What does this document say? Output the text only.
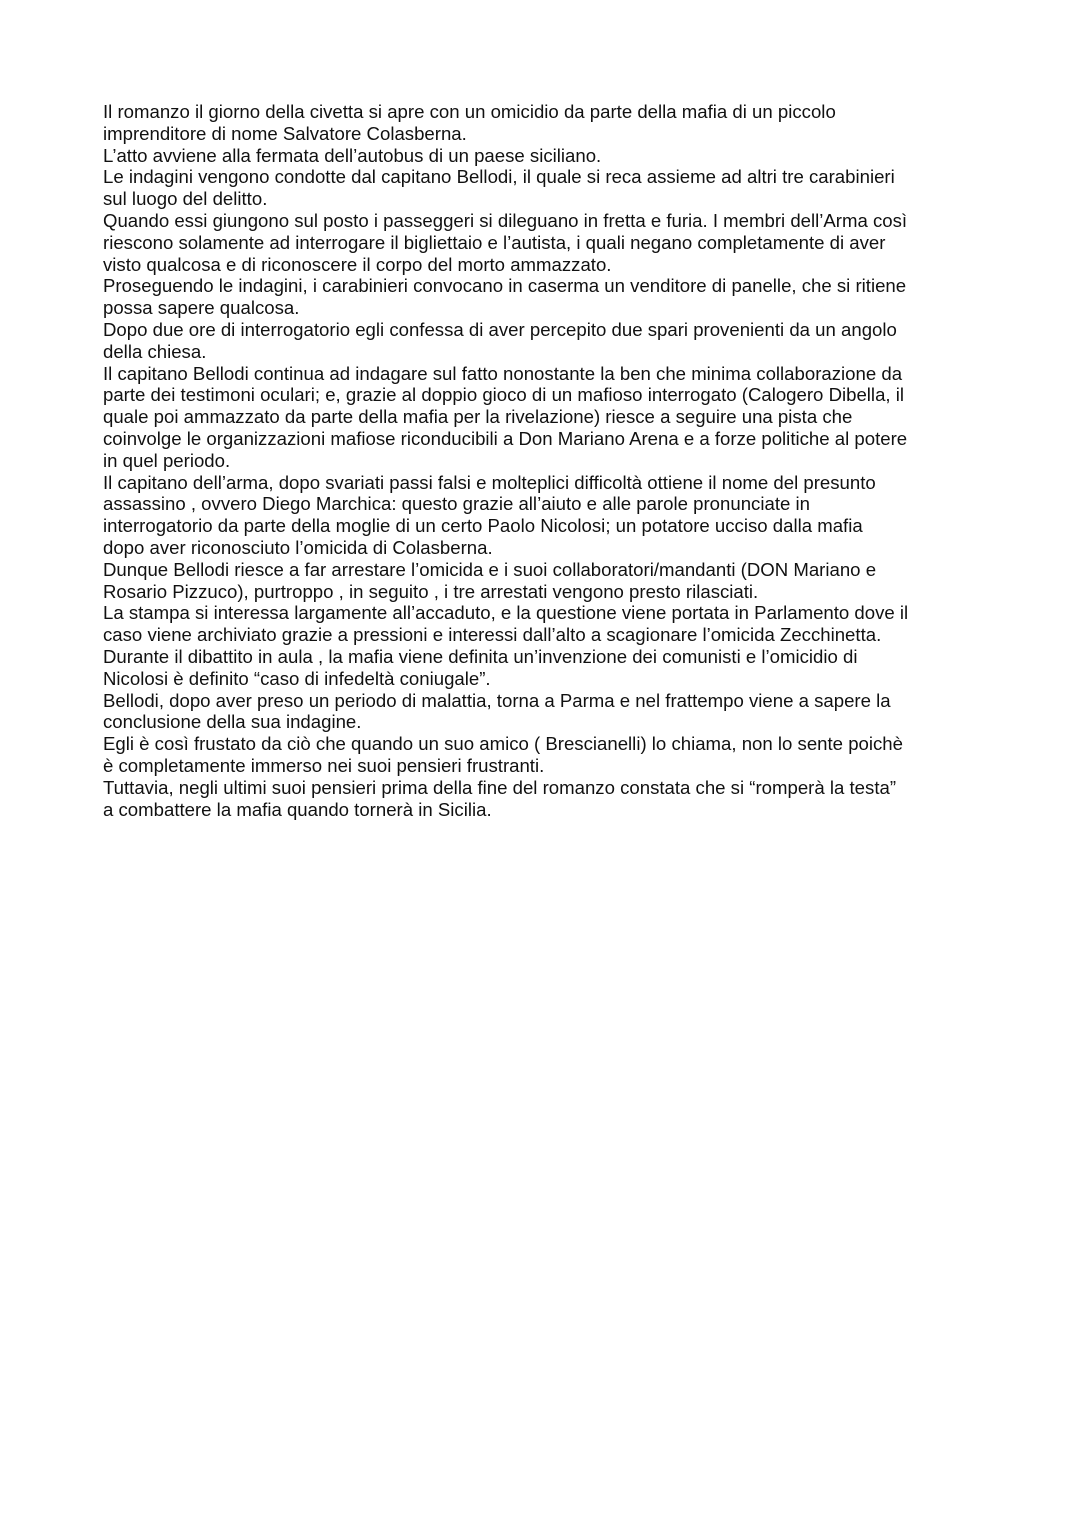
Il romanzo il giorno della civetta si apre con un omicidio da parte della mafia di un piccolo
imprenditore di nome Salvatore Colasberna.
L’atto avviene alla fermata dell’autobus di un paese siciliano.
Le indagini vengono condotte dal capitano Bellodi, il quale si reca assieme ad altri tre carabinieri
sul luogo del delitto.
Quando essi giungono sul posto i passeggeri si dileguano in fretta e furia. I membri dell’Arma così
riescono solamente ad interrogare il bigliettaio e l’autista, i quali negano completamente di aver
visto qualcosa e di riconoscere il corpo del morto ammazzato.
Proseguendo le indagini, i carabinieri convocano in caserma un venditore di panelle, che si ritiene
possa sapere qualcosa.
Dopo due ore di interrogatorio egli confessa di aver percepito due spari provenienti da un angolo
della chiesa.
Il capitano Bellodi continua ad indagare sul fatto nonostante la ben che minima collaborazione da
parte dei testimoni oculari; e, grazie al doppio gioco di un mafioso interrogato (Calogero Dibella, il
quale poi ammazzato da parte della mafia per la rivelazione) riesce a seguire una pista che
coinvolge le organizzazioni mafiose riconducibili a Don Mariano Arena e a forze politiche al potere
in quel periodo.
Il capitano dell’arma, dopo svariati passi falsi e molteplici difficoltà ottiene il nome del presunto
assassino , ovvero Diego Marchica: questo grazie all’aiuto e alle parole pronunciate in
interrogatorio da parte della moglie di un certo Paolo Nicolosi; un potatore ucciso dalla mafia
dopo aver riconosciuto l’omicida di Colasberna.
Dunque Bellodi riesce a far arrestare l’omicida e i suoi collaboratori/mandanti (DON Mariano e
Rosario Pizzuco), purtroppo , in seguito , i tre arrestati vengono presto rilasciati.
La stampa si interessa largamente all’accaduto, e la questione viene portata in Parlamento dove il
caso viene archiviato grazie a pressioni e interessi dall’alto a scagionare l’omicida Zecchinetta.
Durante il dibattito in aula , la mafia viene definita un’invenzione dei comunisti e l’omicidio di
Nicolosi è definito “caso di infedeltà coniugale”.
Bellodi, dopo aver preso un periodo di malattia, torna a Parma e nel frattempo viene a sapere la
conclusione della sua indagine.
Egli è così frustato da ciò che quando un suo amico ( Brescianelli) lo chiama, non lo sente poichè
è completamente immerso nei suoi pensieri frustranti.
Tuttavia, negli ultimi suoi pensieri prima della fine del romanzo constata che si “romperà la testa”
a combattere la mafia quando tornerà in Sicilia.
